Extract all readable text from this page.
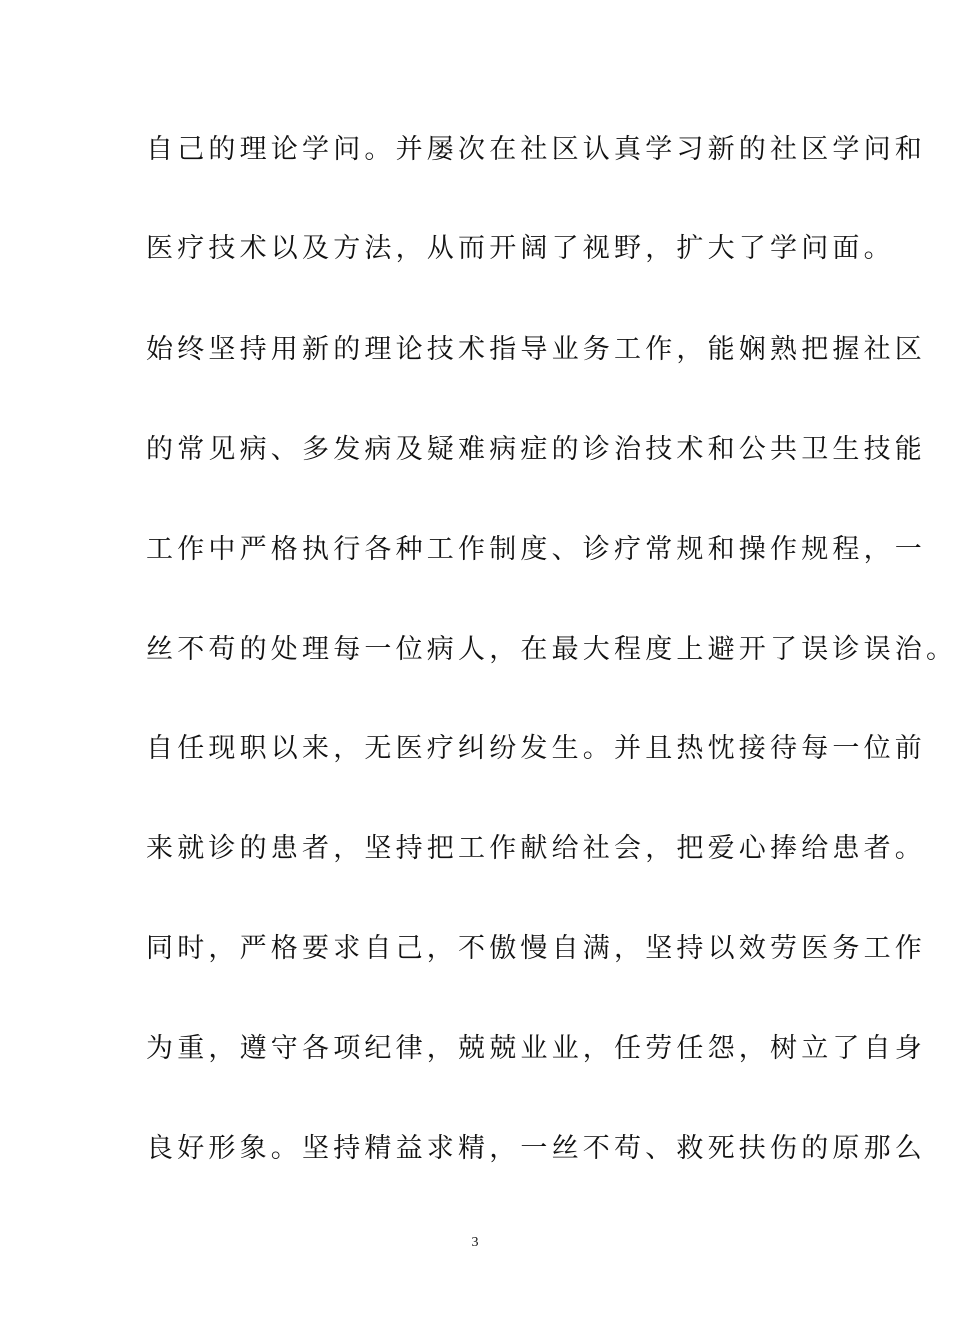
自己的理论学问。并屡次在社区认真学习新的社区学问和
医疗技术以及方法，从而开阔了视野，扩大了学问面。
始终坚持用新的理论技术指导业务工作，能娴熟把握社区
的常见病、多发病及疑难病症的诊治技术和公共卫生技能
工作中严格执行各种工作制度、诊疗常规和操作规程，一
丝不苟的处理每一位病人，在最大程度上避开了误诊误治。
自任现职以来，无医疗纠纷发生。并且热忱接待每一位前
来就诊的患者，坚持把工作献给社会，把爱心捧给患者。
同时，严格要求自己，不傲慢自满，坚持以效劳医务工作
为重，遵守各项纪律，兢兢业业，任劳任怨，树立了自身
良好形象。坚持精益求精，一丝不苟、救死扶伤的原那么
3
